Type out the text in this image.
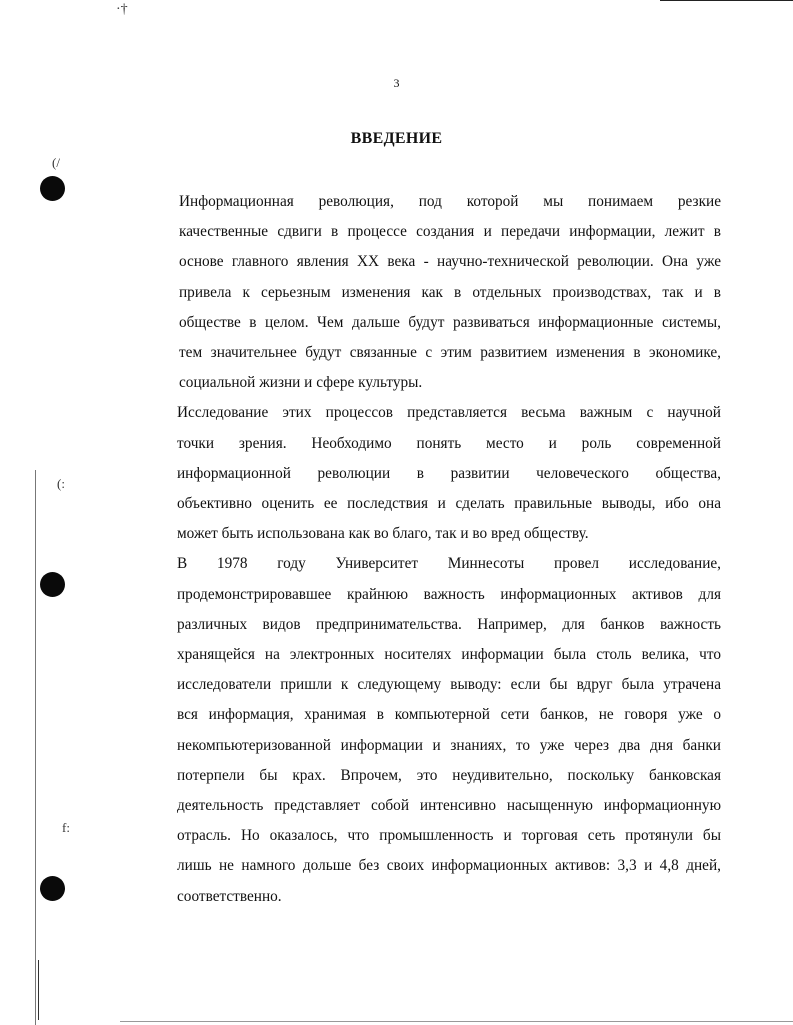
·†
(/
(:
f:
3
ВВЕДЕНИЕ

Информационная революция, под которой мы понимаем резкие
качественные сдвиги в процессе создания и передачи информации, лежит в
основе главного явления XX века - научно-технической революции. Она уже
привела к серьезным изменения как в отдельных производствах, так и в
обществе в целом. Чем дальше будут развиваться информационные системы,
тем значительнее будут связанные с этим развитием изменения в экономике,
социальной жизни и сфере культуры.

Исследование этих процессов представляется весьма важным с научной
точки зрения. Необходимо понять место и роль современной
информационной революции в развитии человеческого общества,
объективно оценить ее последствия и сделать правильные выводы, ибо она
может быть использована как во благо, так и во вред обществу.

В 1978 году Университет Миннесоты провел исследование,
продемонстрировавшее крайнюю важность информационных активов для
различных видов предпринимательства. Например, для банков важность
хранящейся на электронных носителях информации была столь велика, что
исследователи пришли к следующему выводу: если бы вдруг была утрачена
вся информация, хранимая в компьютерной сети банков, не говоря уже о
некомпьютеризованной информации и знаниях, то уже через два дня банки
потерпели бы крах. Впрочем, это неудивительно, поскольку банковская
деятельность представляет собой интенсивно насыщенную информационную
отрасль. Но оказалось, что промышленность и торговая сеть протянули бы
лишь не намного дольше без своих информационных активов: 3,3 и 4,8 дней,
соответственно.
